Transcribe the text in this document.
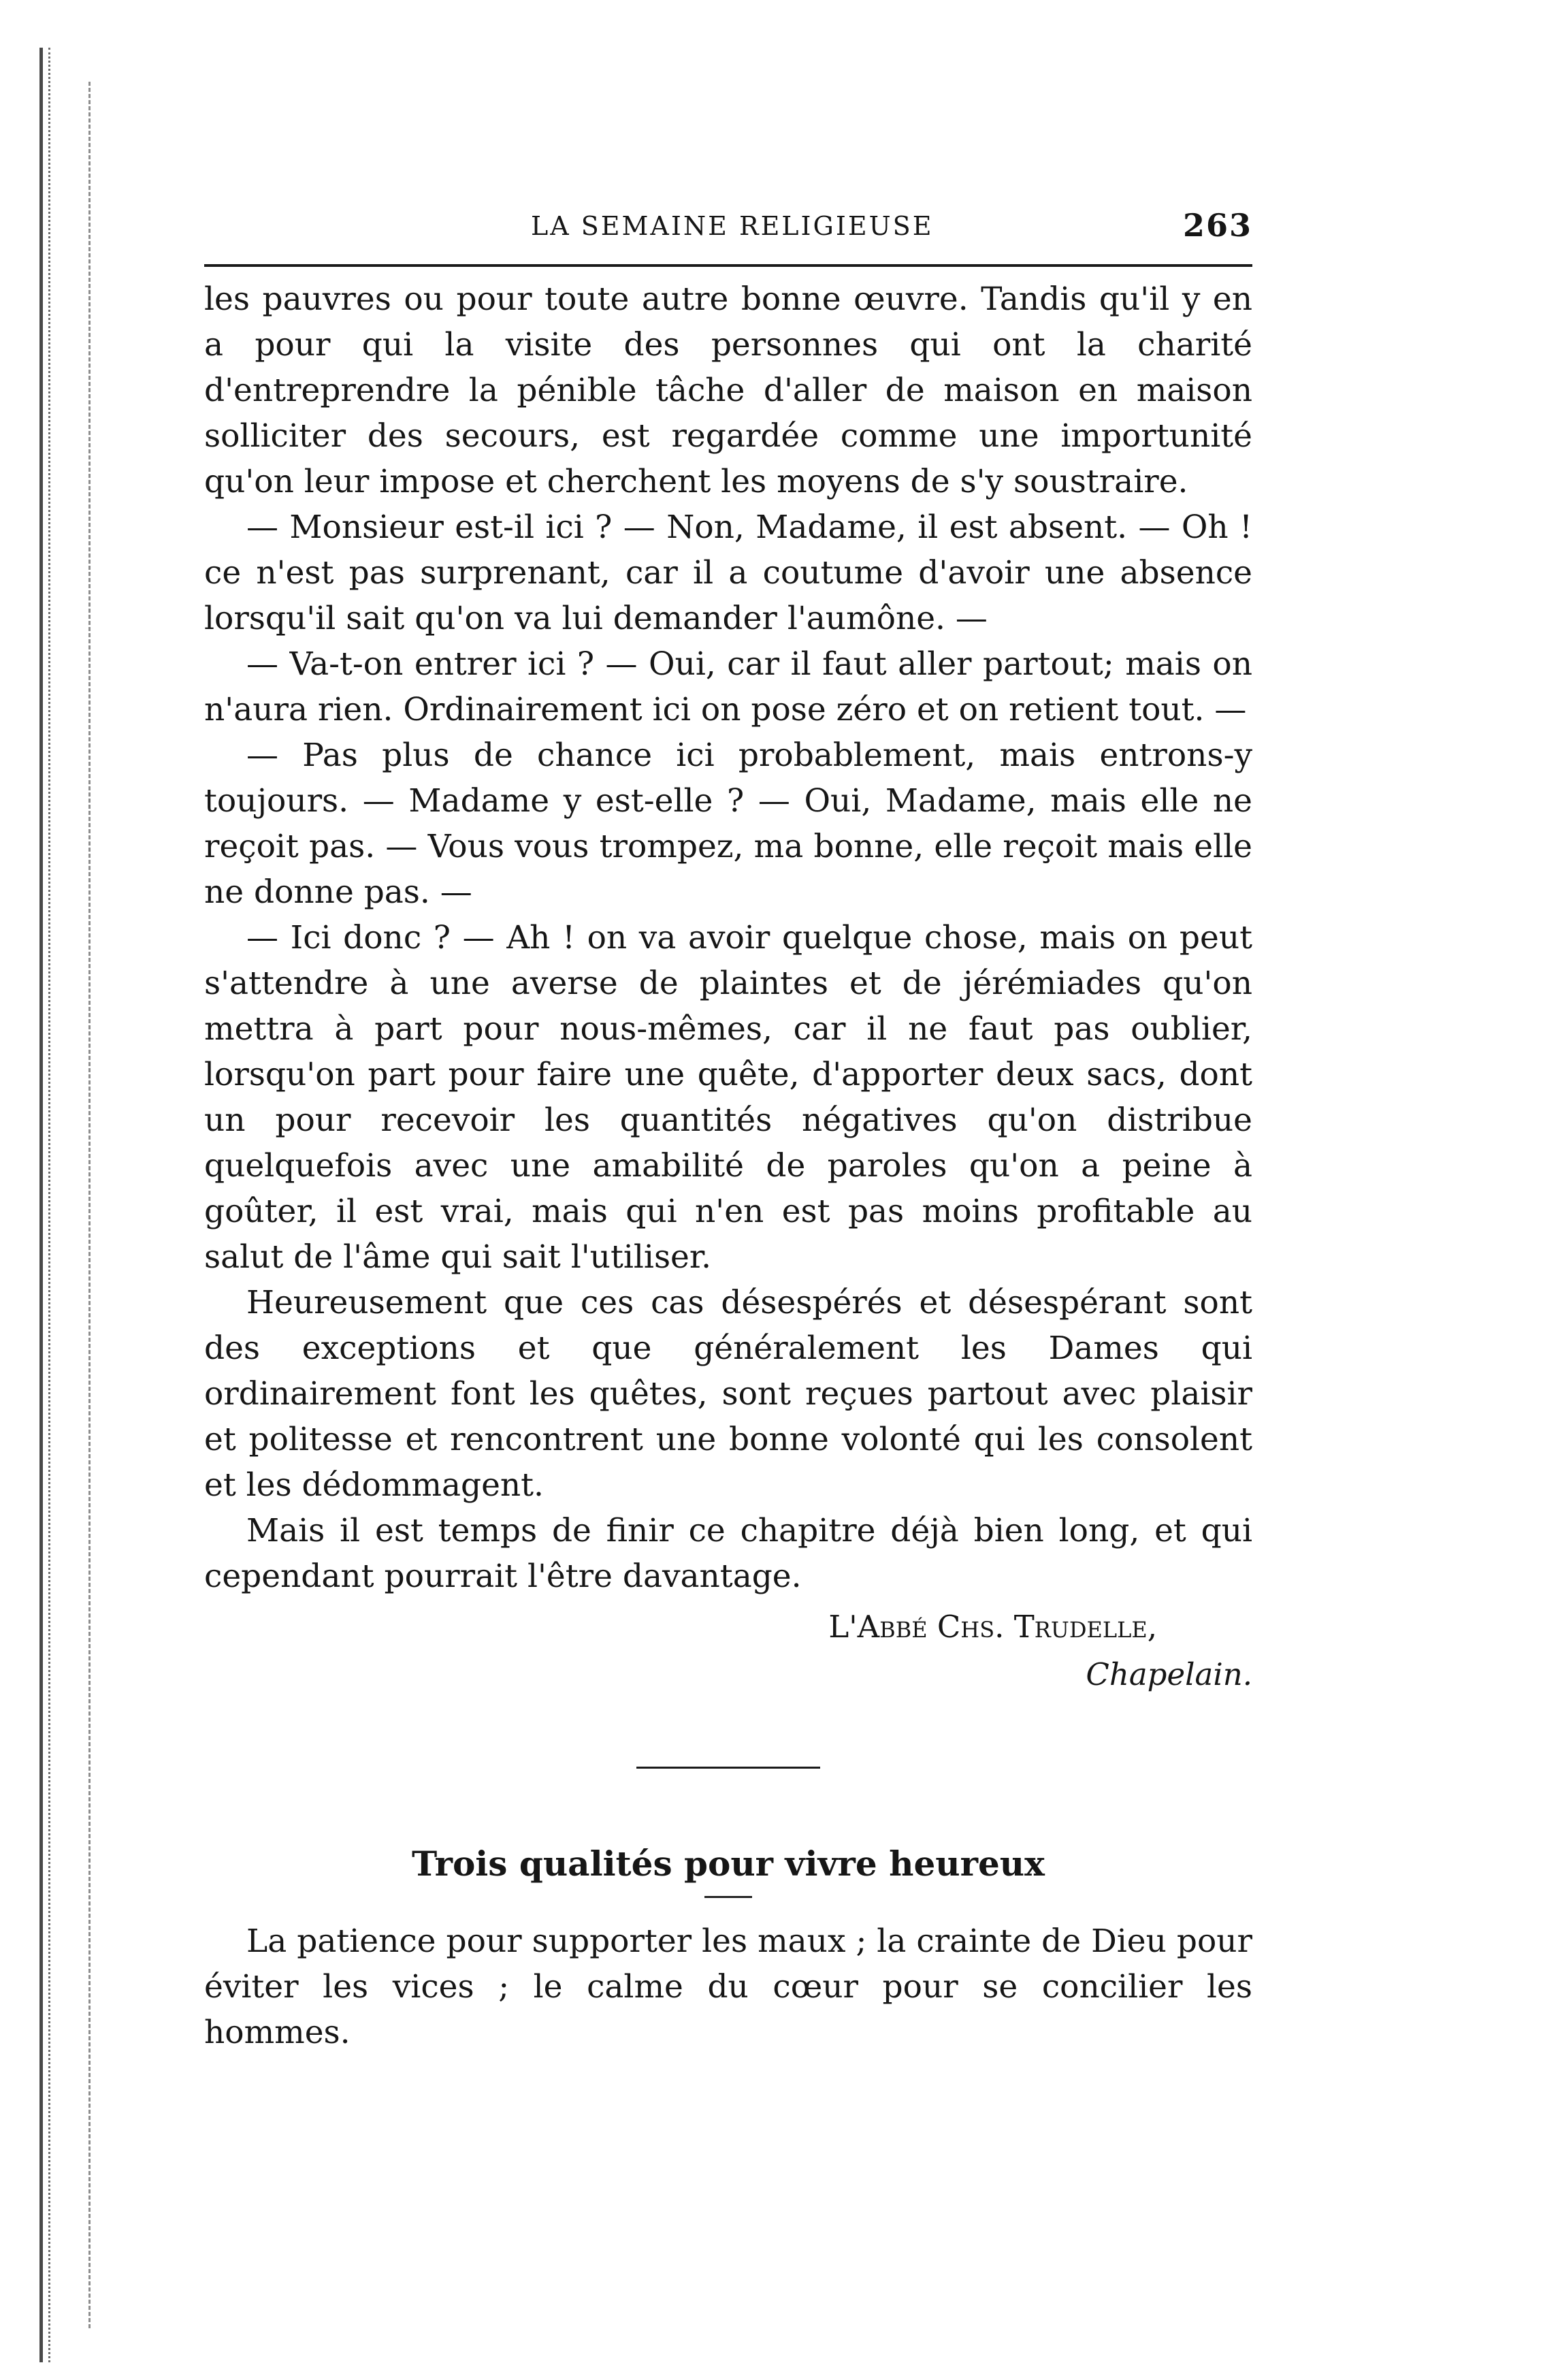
LA SEMAINE RELIGIEUSE	263

les pauvres ou pour toute autre bonne œuvre. Tandis qu'il y en a pour qui la visite des personnes qui ont la charité d'entreprendre la pénible tâche d'aller de maison en maison solliciter des secours, est regardée comme une importunité qu'on leur impose et cherchent les moyens de s'y soustraire.

— Monsieur est-il ici ? — Non, Madame, il est absent. — Oh ! ce n'est pas surprenant, car il a coutume d'avoir une absence lorsqu'il sait qu'on va lui demander l'aumône. —

— Va-t-on entrer ici ? — Oui, car il faut aller partout; mais on n'aura rien. Ordinairement ici on pose zéro et on retient tout. —

— Pas plus de chance ici probablement, mais entrons-y toujours. — Madame y est-elle ? — Oui, Madame, mais elle ne reçoit pas. — Vous vous trompez, ma bonne, elle reçoit mais elle ne donne pas. —

— Ici donc ? — Ah ! on va avoir quelque chose, mais on peut s'attendre à une averse de plaintes et de jérémiades qu'on mettra à part pour nous-mêmes, car il ne faut pas oublier, lorsqu'on part pour faire une quête, d'apporter deux sacs, dont un pour recevoir les quantités négatives qu'on distribue quelquefois avec une amabilité de paroles qu'on a peine à goûter, il est vrai, mais qui n'en est pas moins profitable au salut de l'âme qui sait l'utiliser.

Heureusement que ces cas désespérés et désespérant sont des exceptions et que généralement les Dames qui ordinairement font les quêtes, sont reçues partout avec plaisir et politesse et rencontrent une bonne volonté qui les consolent et les dédommagent.

Mais il est temps de finir ce chapitre déjà bien long, et qui cependant pourrait l'être davantage.

L'Abbé Chs. Trudelle,
Chapelain.
Trois qualités pour vivre heureux

La patience pour supporter les maux ; la crainte de Dieu pour éviter les vices ; le calme du cœur pour se concilier les hommes.
